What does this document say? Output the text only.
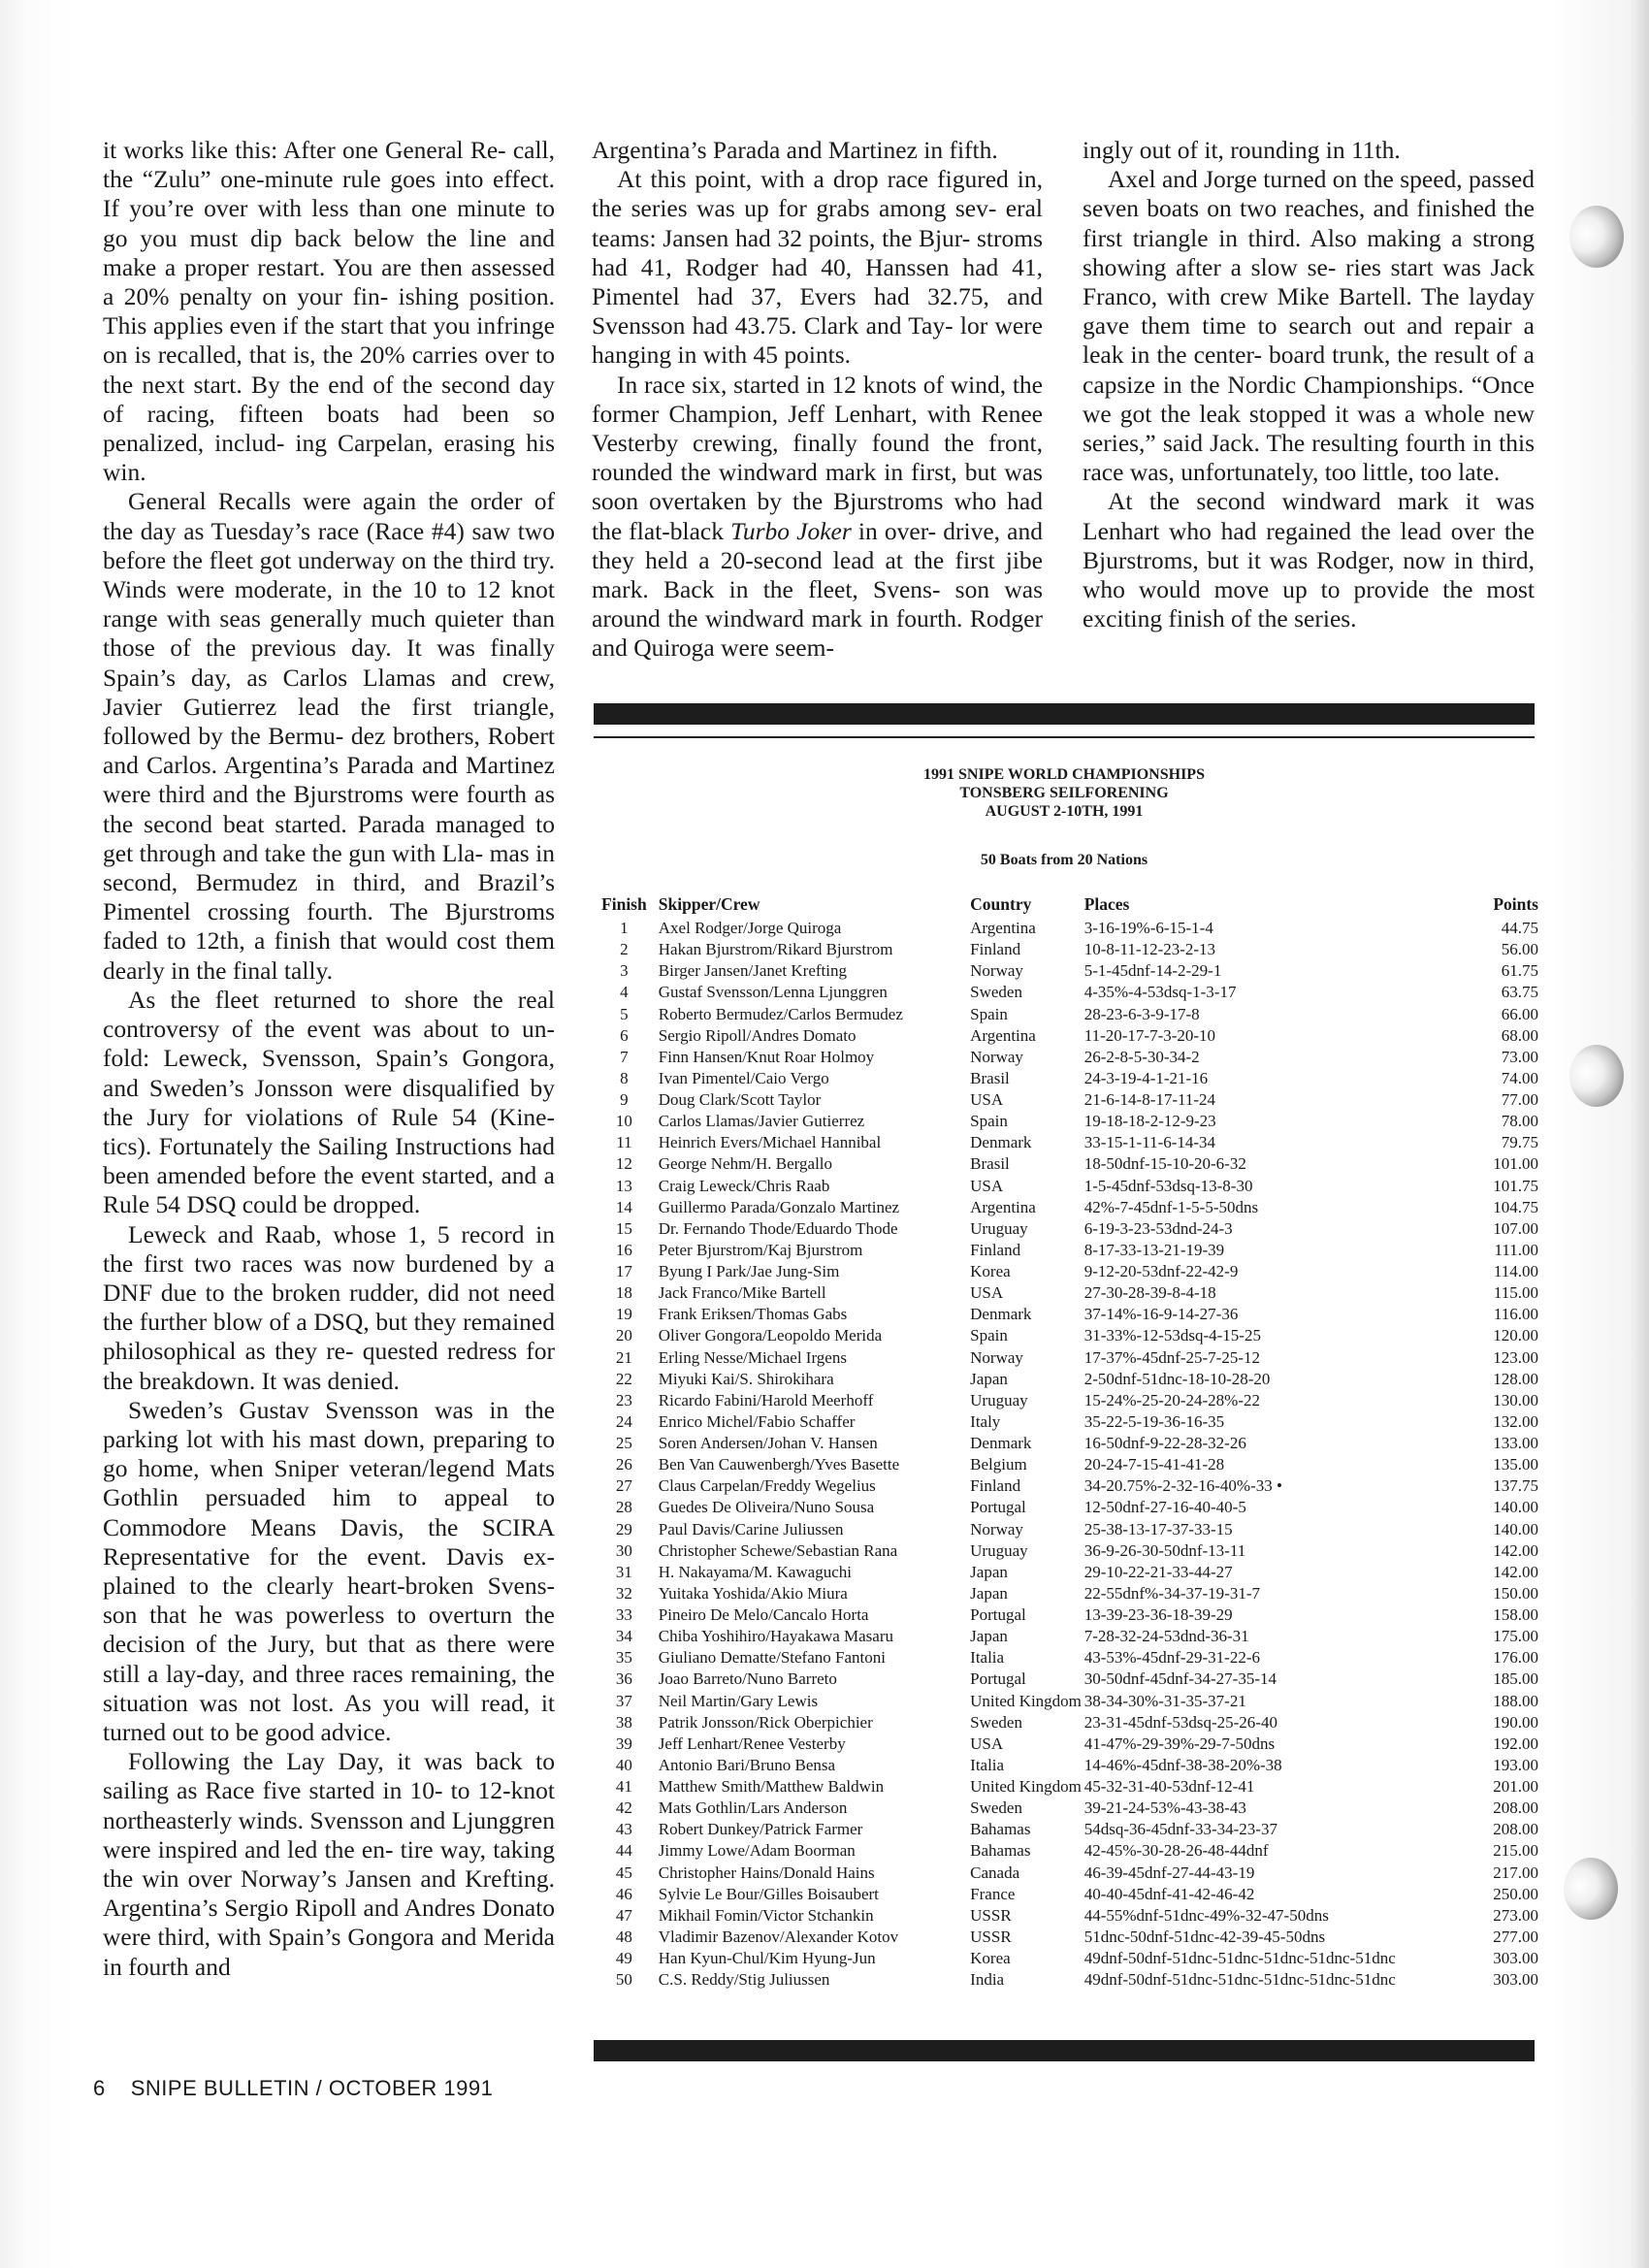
it works like this: After one General Re- call, the “Zulu” one-minute rule goes into effect. If you’re over with less than one minute to go you must dip back below the line and make a proper restart. You are then assessed a 20% penalty on your fin- ishing position. This applies even if the start that you infringe on is recalled, that is, the 20% carries over to the next start. By the end of the second day of racing, fifteen boats had been so penalized, includ- ing Carpelan, erasing his win.

General Recalls were again the order of the day as Tuesday’s race (Race #4) saw two before the fleet got underway on the third try. Winds were moderate, in the 10 to 12 knot range with seas generally much quieter than those of the previous day. It was finally Spain’s day, as Carlos Llamas and crew, Javier Gutierrez lead the first triangle, followed by the Bermu- dez brothers, Robert and Carlos. Argentina’s Parada and Martinez were third and the Bjurstroms were fourth as the second beat started. Parada managed to get through and take the gun with Lla- mas in second, Bermudez in third, and Brazil’s Pimentel crossing fourth. The Bjurstroms faded to 12th, a finish that would cost them dearly in the final tally.

As the fleet returned to shore the real controversy of the event was about to un- fold: Leweck, Svensson, Spain’s Gongora, and Sweden’s Jonsson were disqualified by the Jury for violations of Rule 54 (Kine- tics). Fortunately the Sailing Instructions had been amended before the event started, and a Rule 54 DSQ could be dropped.

Leweck and Raab, whose 1, 5 record in the first two races was now burdened by a DNF due to the broken rudder, did not need the further blow of a DSQ, but they remained philosophical as they re- quested redress for the breakdown. It was denied.

Sweden’s Gustav Svensson was in the parking lot with his mast down, preparing to go home, when Sniper veteran/legend Mats Gothlin persuaded him to appeal to Commodore Means Davis, the SCIRA Representative for the event. Davis ex- plained to the clearly heart-broken Svens- son that he was powerless to overturn the decision of the Jury, but that as there were still a lay-day, and three races remaining, the situation was not lost. As you will read, it turned out to be good advice.

Following the Lay Day, it was back to sailing as Race five started in 10- to 12-knot northeasterly winds. Svensson and Ljunggren were inspired and led the en- tire way, taking the win over Norway’s Jansen and Krefting. Argentina’s Sergio Ripoll and Andres Donato were third, with Spain’s Gongora and Merida in fourth and

Argentina’s Parada and Martinez in fifth.

At this point, with a drop race figured in, the series was up for grabs among sev- eral teams: Jansen had 32 points, the Bjur- stroms had 41, Rodger had 40, Hanssen had 41, Pimentel had 37, Evers had 32.75, and Svensson had 43.75. Clark and Tay- lor were hanging in with 45 points.

In race six, started in 12 knots of wind, the former Champion, Jeff Lenhart, with Renee Vesterby crewing, finally found the front, rounded the windward mark in first, but was soon overtaken by the Bjurstroms who had the flat-black Turbo Joker in over- drive, and they held a 20-second lead at the first jibe mark. Back in the fleet, Svens- son was around the windward mark in fourth. Rodger and Quiroga were seem-

ingly out of it, rounding in 11th.

Axel and Jorge turned on the speed, passed seven boats on two reaches, and finished the first triangle in third. Also making a strong showing after a slow se- ries start was Jack Franco, with crew Mike Bartell. The layday gave them time to search out and repair a leak in the center- board trunk, the result of a capsize in the Nordic Championships. “Once we got the leak stopped it was a whole new series,” said Jack. The resulting fourth in this race was, unfortunately, too little, too late.

At the second windward mark it was Lenhart who had regained the lead over the Bjurstroms, but it was Rodger, now in third, who would move up to provide the most exciting finish of the series.

1991 SNIPE WORLD CHAMPIONSHIPS
TONSBERG SEILFORENING
AUGUST 2-10TH, 1991
50 Boats from 20 Nations
Finish	Skipper/Crew	Country	Places	Points
1	Axel Rodger/Jorge Quiroga	Argentina	3-16-19%-6-15-1-4	44.75
2	Hakan Bjurstrom/Rikard Bjurstrom	Finland	10-8-11-12-23-2-13	56.00
3	Birger Jansen/Janet Krefting	Norway	5-1-45dnf-14-2-29-1	61.75
4	Gustaf Svensson/Lenna Ljunggren	Sweden	4-35%-4-53dsq-1-3-17	63.75
5	Roberto Bermudez/Carlos Bermudez	Spain	28-23-6-3-9-17-8	66.00
6	Sergio Ripoll/Andres Domato	Argentina	11-20-17-7-3-20-10	68.00
7	Finn Hansen/Knut Roar Holmoy	Norway	26-2-8-5-30-34-2	73.00
8	Ivan Pimentel/Caio Vergo	Brasil	24-3-19-4-1-21-16	74.00
9	Doug Clark/Scott Taylor	USA	21-6-14-8-17-11-24	77.00
10	Carlos Llamas/Javier Gutierrez	Spain	19-18-18-2-12-9-23	78.00
11	Heinrich Evers/Michael Hannibal	Denmark	33-15-1-11-6-14-34	79.75
12	George Nehm/H. Bergallo	Brasil	18-50dnf-15-10-20-6-32	101.00
13	Craig Leweck/Chris Raab	USA	1-5-45dnf-53dsq-13-8-30	101.75
14	Guillermo Parada/Gonzalo Martinez	Argentina	42%-7-45dnf-1-5-5-50dns	104.75
15	Dr. Fernando Thode/Eduardo Thode	Uruguay	6-19-3-23-53dnd-24-3	107.00
16	Peter Bjurstrom/Kaj Bjurstrom	Finland	8-17-33-13-21-19-39	111.00
17	Byung I Park/Jae Jung-Sim	Korea	9-12-20-53dnf-22-42-9	114.00
18	Jack Franco/Mike Bartell	USA	27-30-28-39-8-4-18	115.00
19	Frank Eriksen/Thomas Gabs	Denmark	37-14%-16-9-14-27-36	116.00
20	Oliver Gongora/Leopoldo Merida	Spain	31-33%-12-53dsq-4-15-25	120.00
21	Erling Nesse/Michael Irgens	Norway	17-37%-45dnf-25-7-25-12	123.00
22	Miyuki Kai/S. Shirokihara	Japan	2-50dnf-51dnc-18-10-28-20	128.00
23	Ricardo Fabini/Harold Meerhoff	Uruguay	15-24%-25-20-24-28%-22	130.00
24	Enrico Michel/Fabio Schaffer	Italy	35-22-5-19-36-16-35	132.00
25	Soren Andersen/Johan V. Hansen	Denmark	16-50dnf-9-22-28-32-26	133.00
26	Ben Van Cauwenbergh/Yves Basette	Belgium	20-24-7-15-41-41-28	135.00
27	Claus Carpelan/Freddy Wegelius	Finland	34-20.75%-2-32-16-40%-33 •	137.75
28	Guedes De Oliveira/Nuno Sousa	Portugal	12-50dnf-27-16-40-40-5	140.00
29	Paul Davis/Carine Juliussen	Norway	25-38-13-17-37-33-15	140.00
30	Christopher Schewe/Sebastian Rana	Uruguay	36-9-26-30-50dnf-13-11	142.00
31	H. Nakayama/M. Kawaguchi	Japan	29-10-22-21-33-44-27	142.00
32	Yuitaka Yoshida/Akio Miura	Japan	22-55dnf%-34-37-19-31-7	150.00
33	Pineiro De Melo/Cancalo Horta	Portugal	13-39-23-36-18-39-29	158.00
34	Chiba Yoshihiro/Hayakawa Masaru	Japan	7-28-32-24-53dnd-36-31	175.00
35	Giuliano Dematte/Stefano Fantoni	Italia	43-53%-45dnf-29-31-22-6	176.00
36	Joao Barreto/Nuno Barreto	Portugal	30-50dnf-45dnf-34-27-35-14	185.00
37	Neil Martin/Gary Lewis	United Kingdom	38-34-30%-31-35-37-21	188.00
38	Patrik Jonsson/Rick Oberpichier	Sweden	23-31-45dnf-53dsq-25-26-40	190.00
39	Jeff Lenhart/Renee Vesterby	USA	41-47%-29-39%-29-7-50dns	192.00
40	Antonio Bari/Bruno Bensa	Italia	14-46%-45dnf-38-38-20%-38	193.00
41	Matthew Smith/Matthew Baldwin	United Kingdom	45-32-31-40-53dnf-12-41	201.00
42	Mats Gothlin/Lars Anderson	Sweden	39-21-24-53%-43-38-43	208.00
43	Robert Dunkey/Patrick Farmer	Bahamas	54dsq-36-45dnf-33-34-23-37	208.00
44	Jimmy Lowe/Adam Boorman	Bahamas	42-45%-30-28-26-48-44dnf	215.00
45	Christopher Hains/Donald Hains	Canada	46-39-45dnf-27-44-43-19	217.00
46	Sylvie Le Bour/Gilles Boisaubert	France	40-40-45dnf-41-42-46-42	250.00
47	Mikhail Fomin/Victor Stchankin	USSR	44-55%dnf-51dnc-49%-32-47-50dns	273.00
48	Vladimir Bazenov/Alexander Kotov	USSR	51dnc-50dnf-51dnc-42-39-45-50dns	277.00
49	Han Kyun-Chul/Kim Hyung-Jun	Korea	49dnf-50dnf-51dnc-51dnc-51dnc-51dnc-51dnc	303.00
50	C.S. Reddy/Stig Juliussen	India	49dnf-50dnf-51dnc-51dnc-51dnc-51dnc-51dnc	303.00
6 SNIPE BULLETIN / OCTOBER 1991
